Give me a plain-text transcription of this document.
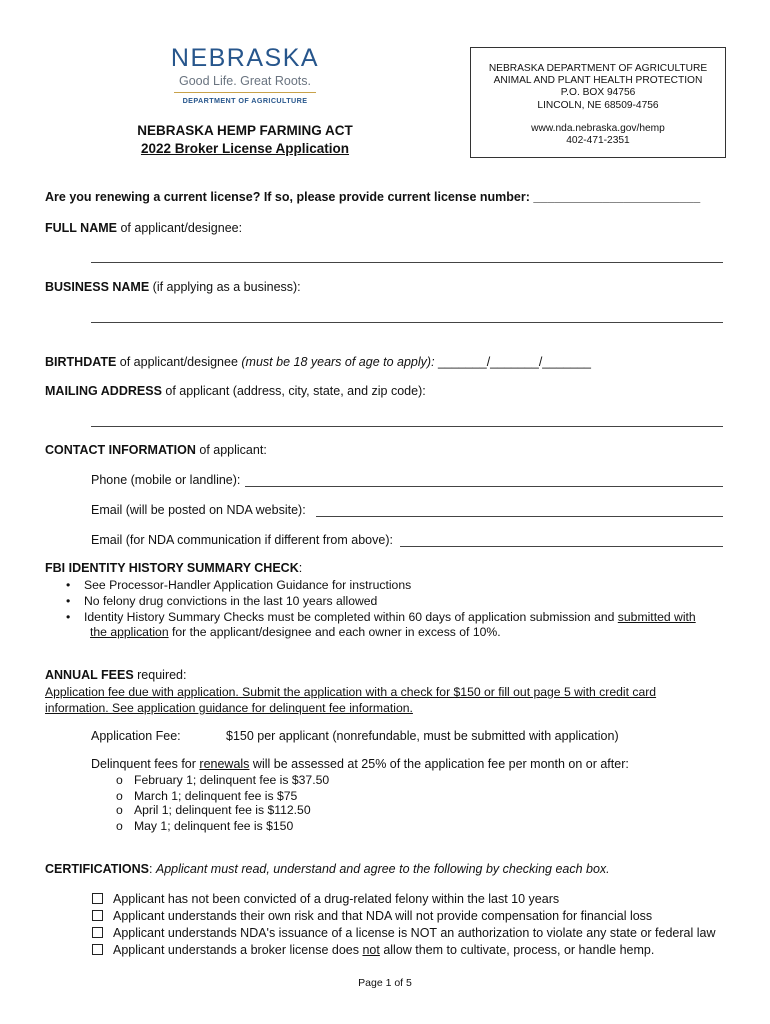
NEBRASKA
Good Life. Great Roots.
DEPARTMENT OF AGRICULTURE
NEBRASKA HEMP FARMING ACT
2022 Broker License Application
NEBRASKA DEPARTMENT OF AGRICULTURE
ANIMAL AND PLANT HEALTH PROTECTION
P.O. BOX 94756
LINCOLN, NE 68509-4756
www.nda.nebraska.gov/hemp
402-471-2351
Are you renewing a current license? If so, please provide current license number: ________________________
FULL NAME of applicant/designee:
BUSINESS NAME (if applying as a business):
BIRTHDATE of applicant/designee (must be 18 years of age to apply): _______/_______/_______
MAILING ADDRESS of applicant (address, city, state, and zip code):
CONTACT INFORMATION of applicant:
Phone (mobile or landline):
Email (will be posted on NDA website):
Email (for NDA communication if different from above):
FBI IDENTITY HISTORY SUMMARY CHECK:
• See Processor-Handler Application Guidance for instructions
• No felony drug convictions in the last 10 years allowed
• Identity History Summary Checks must be completed within 60 days of application submission and submitted with
the application for the applicant/designee and each owner in excess of 10%.
ANNUAL FEES required:
Application fee due with application. Submit the application with a check for $150 or fill out page 5 with credit card
information. See application guidance for delinquent fee information.
Application Fee:	$150 per applicant (nonrefundable, must be submitted with application)
Delinquent fees for renewals will be assessed at 25% of the application fee per month on or after:
o February 1; delinquent fee is $37.50
o March 1; delinquent fee is $75
o April 1; delinquent fee is $112.50
o May 1; delinquent fee is $150
CERTIFICATIONS: Applicant must read, understand and agree to the following by checking each box.
Applicant has not been convicted of a drug-related felony within the last 10 years
Applicant understands their own risk and that NDA will not provide compensation for financial loss
Applicant understands NDA's issuance of a license is NOT an authorization to violate any state or federal law
Applicant understands a broker license does not allow them to cultivate, process, or handle hemp.
Page 1 of 5
